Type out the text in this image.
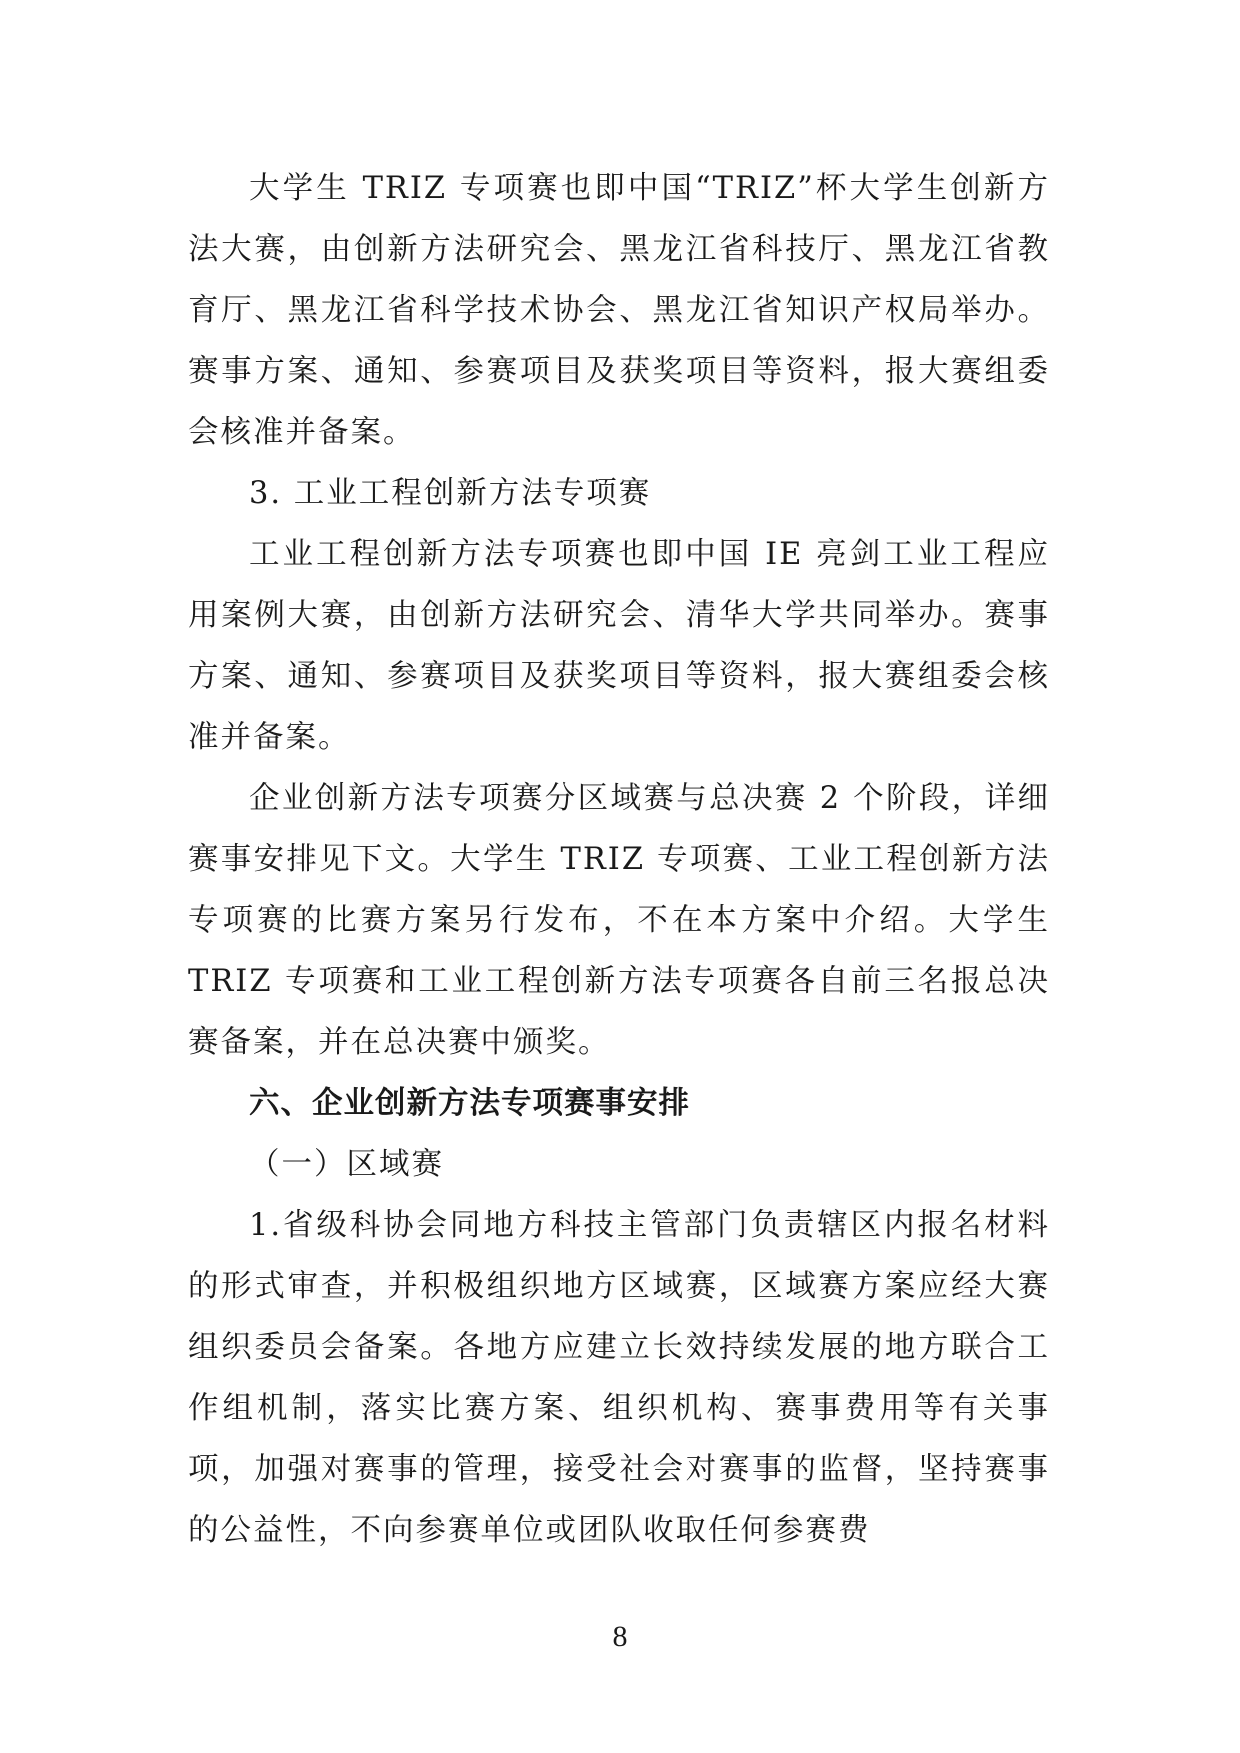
大学生 TRIZ 专项赛也即中国“TRIZ”杯大学生创新方法大赛，由创新方法研究会、黑龙江省科技厅、黑龙江省教育厅、黑龙江省科学技术协会、黑龙江省知识产权局举办。赛事方案、通知、参赛项目及获奖项目等资料，报大赛组委会核准并备案。

3. 工业工程创新方法专项赛

工业工程创新方法专项赛也即中国 IE 亮剑工业工程应用案例大赛，由创新方法研究会、清华大学共同举办。赛事方案、通知、参赛项目及获奖项目等资料，报大赛组委会核准并备案。

企业创新方法专项赛分区域赛与总决赛 2 个阶段，详细赛事安排见下文。大学生 TRIZ 专项赛、工业工程创新方法专项赛的比赛方案另行发布，不在本方案中介绍。大学生 TRIZ 专项赛和工业工程创新方法专项赛各自前三名报总决赛备案，并在总决赛中颁奖。

六、企业创新方法专项赛事安排

（一）区域赛

1.省级科协会同地方科技主管部门负责辖区内报名材料的形式审查，并积极组织地方区域赛，区域赛方案应经大赛组织委员会备案。各地方应建立长效持续发展的地方联合工作组机制，落实比赛方案、组织机构、赛事费用等有关事项，加强对赛事的管理，接受社会对赛事的监督，坚持赛事的公益性，不向参赛单位或团队收取任何参赛费

8
